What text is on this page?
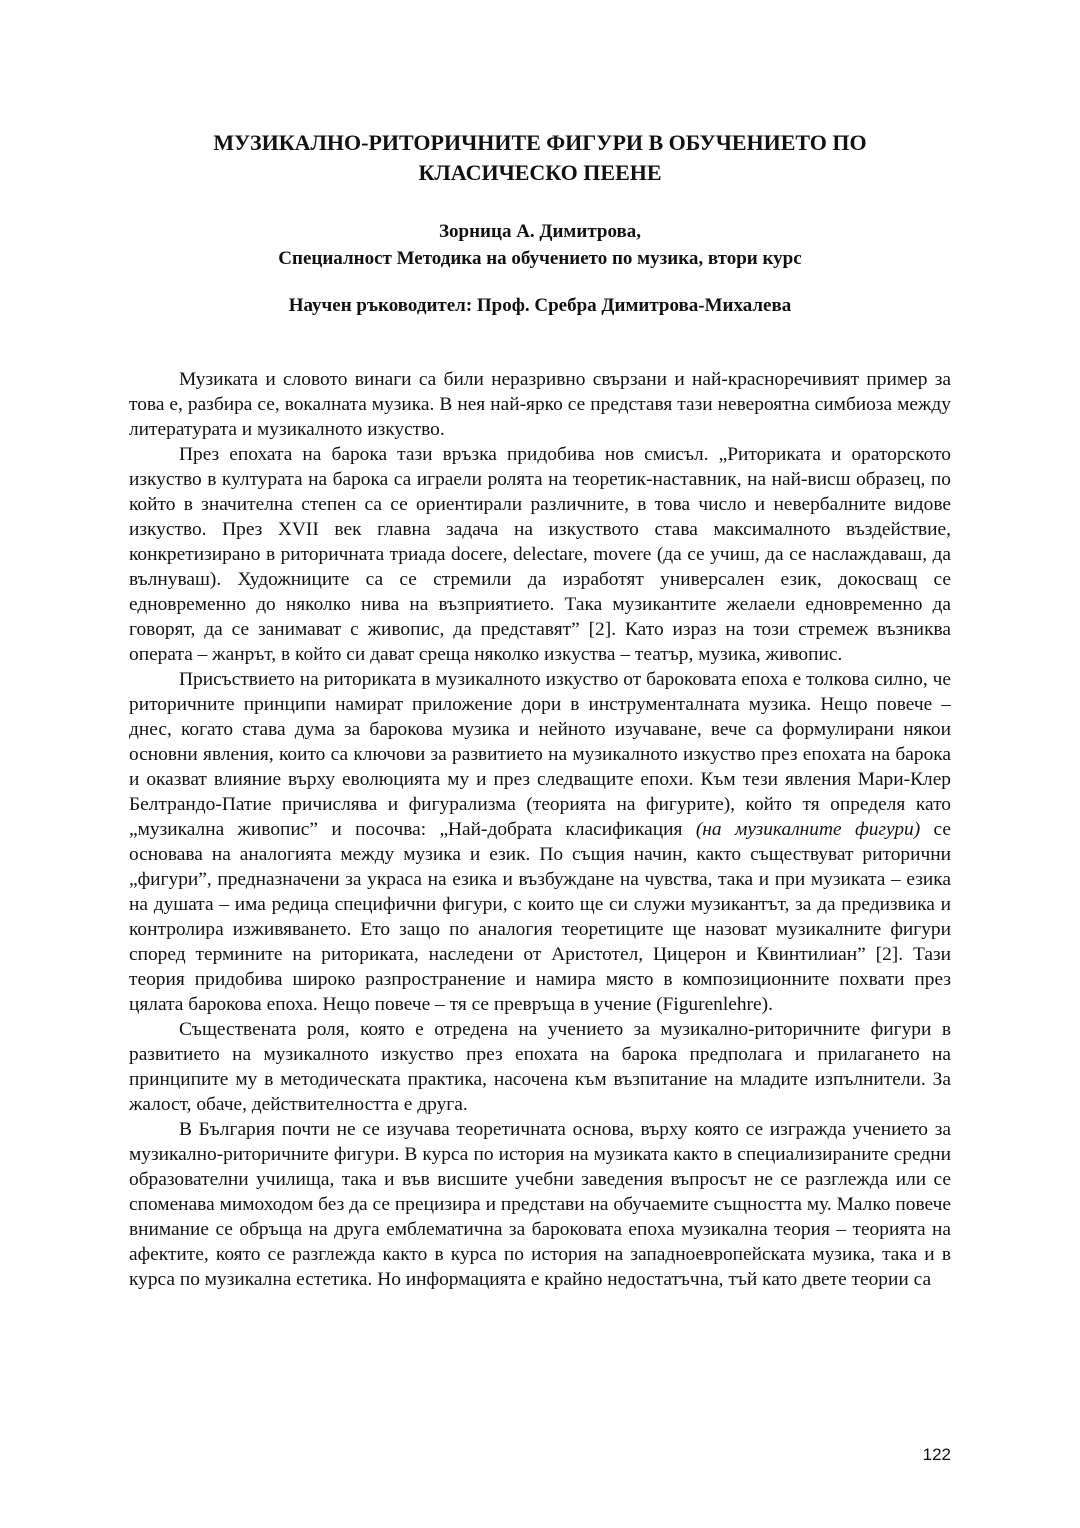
МУЗИКАЛНО-РИТОРИЧНИТЕ ФИГУРИ В ОБУЧЕНИЕТО ПО
КЛАСИЧЕСКО ПЕЕНЕ
Зорница А. Димитрова,
Специалност Методика на обучението по музика, втори курс
Научен ръководител: Проф. Сребра Димитрова-Михалева

Музиката и словото винаги са били неразривно свързани и най-красноречивият пример за това е, разбира се, вокалната музика. В нея най-ярко се представя тази невероятна симбиоза между литературата и музикалното изкуство.

През епохата на барока тази връзка придобива нов смисъл. „Риториката и ораторското изкуство в културата на барока са играели ролята на теоретик-наставник, на най-висш образец, по който в значителна степен са се ориентирали различните, в това число и невербалните видове изкуство. През XVII век главна задача на изкуството става максималното въздействие, конкретизирано в риторичната триада docere, delectare, movere (да се учиш, да се наслаждаваш, да вълнуваш). Художниците са се стремили да изработят универсален език, докосващ се едновременно до няколко нива на възприятието. Така музикантите желаели едновременно да говорят, да се занимават с живопис, да представят” [2]. Като израз на този стремеж възниква операта – жанрът, в който си дават среща няколко изкуства – театър, музика, живопис.

Присъствието на риториката в музикалното изкуство от бароковата епоха е толкова силно, че риторичните принципи намират приложение дори в инструменталната музика. Нещо повече – днес, когато става дума за барокова музика и нейното изучаване, вече са формулирани някои основни явления, които са ключови за развитието на музикалното изкуство през епохата на барока и оказват влияние върху еволюцията му и през следващите епохи. Към тези явления Мари-Клер Белтрандо-Патие причислява и фигурализма (теорията на фигурите), който тя определя като „музикална живопис” и посочва: „Най-добрата класификация (на музикалните фигури) се основава на аналогията между музика и език. По същия начин, както съществуват риторични „фигури”, предназначени за украса на езика и възбуждане на чувства, така и при музиката – езика на душата – има редица специфични фигури, с които ще си служи музикантът, за да предизвика и контролира изживяването. Ето защо по аналогия теоретиците ще назоват музикалните фигури според термините на риториката, наследени от Аристотел, Цицерон и Квинтилиан” [2]. Тази теория придобива широко разпространение и намира място в композиционните похвати през цялата барокова епоха. Нещо повече – тя се превръща в учение (Figurenlehre).

Съществената роля, която е отредена на учението за музикално-риторичните фигури в развитието на музикалното изкуство през епохата на барока предполага и прилагането на принципите му в методическата практика, насочена към възпитание на младите изпълнители. За жалост, обаче, действителността е друга.

В България почти не се изучава теоретичната основа, върху която се изгражда учението за музикално-риторичните фигури. В курса по история на музиката както в специализираните средни образователни училища, така и във висшите учебни заведения въпросът не се разглежда или се споменава мимоходом без да се прецизира и представи на обучаемите същността му. Малко повече внимание се обръща на друга емблематична за бароковата епоха музикална теория – теорията на афектите, която се разглежда както в курса по история на западноевропейската музика, така и в курса по музикална естетика. Но информацията е крайно недостатъчна, тъй като двете теории са

122
